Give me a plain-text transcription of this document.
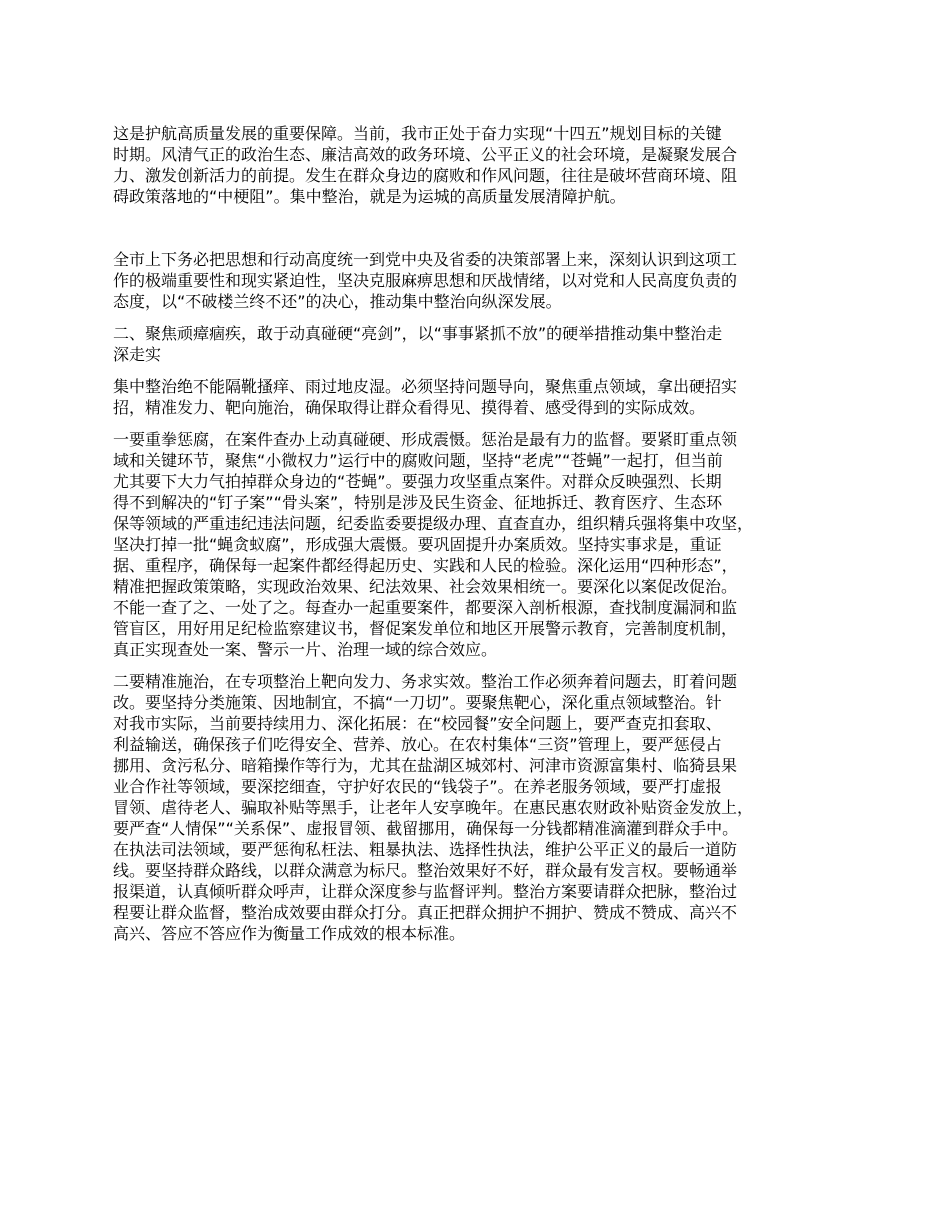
这是护航高质量发展的重要保障。当前，我市正处于奋力实现“十四五”规划目标的关键
时期。风清气正的政治生态、廉洁高效的政务环境、公平正义的社会环境，是凝聚发展合
力、激发创新活力的前提。发生在群众身边的腐败和作风问题，往往是破坏营商环境、阻
碍政策落地的“中梗阻”。集中整治，就是为运城的高质量发展清障护航。
全市上下务必把思想和行动高度统一到党中央及省委的决策部署上来，深刻认识到这项工
作的极端重要性和现实紧迫性，坚决克服麻痹思想和厌战情绪，以对党和人民高度负责的
态度，以“不破楼兰终不还”的决心，推动集中整治向纵深发展。
二、聚焦顽瘴痼疾，敢于动真碰硬“亮剑”，以“事事紧抓不放”的硬举措推动集中整治走
深走实
集中整治绝不能隔靴搔痒、雨过地皮湿。必须坚持问题导向，聚焦重点领域，拿出硬招实
招，精准发力、靶向施治，确保取得让群众看得见、摸得着、感受得到的实际成效。
一要重拳惩腐，在案件查办上动真碰硬、形成震慑。惩治是最有力的监督。要紧盯重点领
域和关键环节，聚焦“小微权力”运行中的腐败问题，坚持“老虎”“苍蝇”一起打，但当前
尤其要下大力气拍掉群众身边的“苍蝇”。要强力攻坚重点案件。对群众反映强烈、长期
得不到解决的“钉子案”“骨头案”，特别是涉及民生资金、征地拆迁、教育医疗、生态环
保等领域的严重违纪违法问题，纪委监委要提级办理、直查直办，组织精兵强将集中攻坚，
坚决打掉一批“蝇贪蚁腐”，形成强大震慑。要巩固提升办案质效。坚持实事求是，重证
据、重程序，确保每一起案件都经得起历史、实践和人民的检验。深化运用“四种形态”，
精准把握政策策略，实现政治效果、纪法效果、社会效果相统一。要深化以案促改促治。
不能一查了之、一处了之。每查办一起重要案件，都要深入剖析根源，查找制度漏洞和监
管盲区，用好用足纪检监察建议书，督促案发单位和地区开展警示教育，完善制度机制，
真正实现查处一案、警示一片、治理一域的综合效应。
二要精准施治，在专项整治上靶向发力、务求实效。整治工作必须奔着问题去，盯着问题
改。要坚持分类施策、因地制宜，不搞“一刀切”。要聚焦靶心，深化重点领域整治。针
对我市实际，当前要持续用力、深化拓展：在“校园餐”安全问题上，要严查克扣套取、
利益输送，确保孩子们吃得安全、营养、放心。在农村集体“三资”管理上，要严惩侵占
挪用、贪污私分、暗箱操作等行为，尤其在盐湖区城郊村、河津市资源富集村、临猗县果
业合作社等领域，要深挖细查，守护好农民的“钱袋子”。在养老服务领域，要严打虚报
冒领、虐待老人、骗取补贴等黑手，让老年人安享晚年。在惠民惠农财政补贴资金发放上，
要严查“人情保”“关系保”、虚报冒领、截留挪用，确保每一分钱都精准滴灌到群众手中。
在执法司法领域，要严惩徇私枉法、粗暴执法、选择性执法，维护公平正义的最后一道防
线。要坚持群众路线，以群众满意为标尺。整治效果好不好，群众最有发言权。要畅通举
报渠道，认真倾听群众呼声，让群众深度参与监督评判。整治方案要请群众把脉，整治过
程要让群众监督，整治成效要由群众打分。真正把群众拥护不拥护、赞成不赞成、高兴不
高兴、答应不答应作为衡量工作成效的根本标准。
